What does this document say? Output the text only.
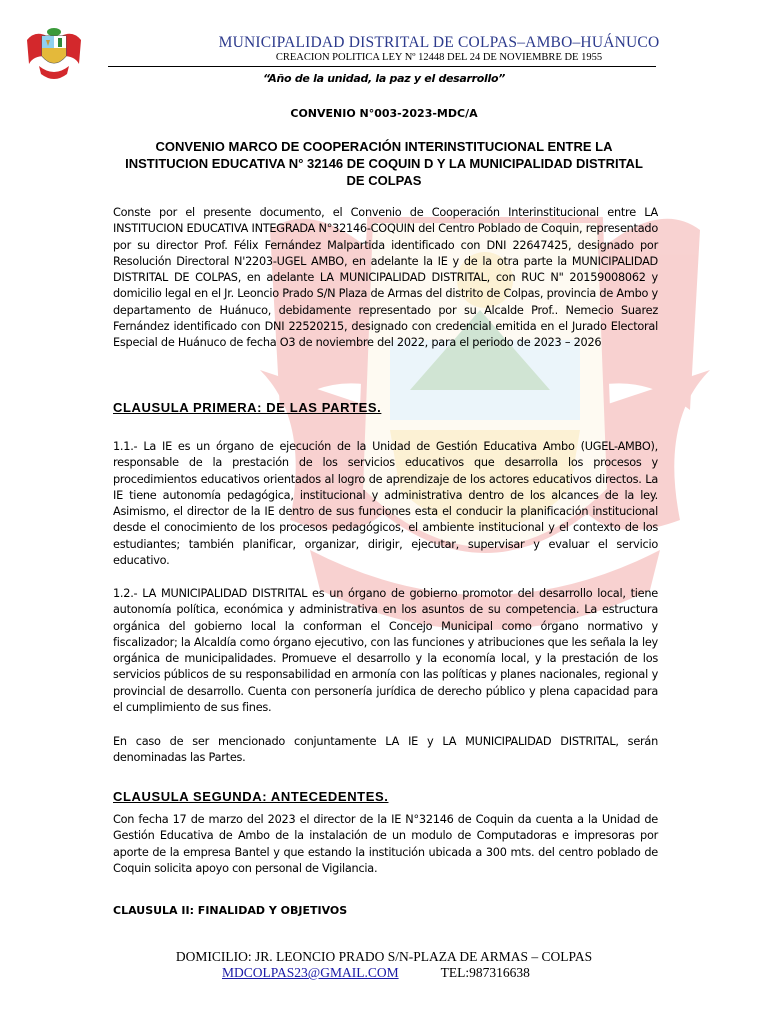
MUNICIPALIDAD DISTRITAL DE COLPAS–AMBO–HUÁNUCO
CREACION POLITICA LEY Nº 12448 DEL 24 DE NOVIEMBRE DE 1955
“Año de la unidad, la paz y el desarrollo”
CONVENIO N°003-2023-MDC/A
CONVENIO MARCO DE COOPERACIÓN INTERINSTITUCIONAL ENTRE LA INSTITUCION EDUCATIVA N° 32146 DE COQUIN D Y LA MUNICIPALIDAD DISTRITAL DE COLPAS
Conste por el presente documento, el Convenio de Cooperación Interinstitucional entre LA INSTITUCION EDUCATIVA INTEGRADA N°32146-COQUIN del Centro Poblado de Coquin, representado por su director Prof. Félix Fernández Malpartida identificado con DNI 22647425, designado por Resolución Directoral N'2203-UGEL AMBO, en adelante la IE y de la otra parte la MUNICIPALIDAD DISTRITAL DE COLPAS, en adelante LA MUNICIPALIDAD DISTRITAL, con RUC N" 20159008062 y domicilio legal en el Jr. Leoncio Prado S/N Plaza de Armas del distrito de Colpas, provincia de Ambo y departamento de Huánuco, debidamente representado por su Alcalde Prof.. Nemecio Suarez Fernández identificado con DNI 22520215, designado con credencial emitida en el Jurado Electoral Especial de Huánuco de fecha O3 de noviembre del 2022, para el periodo de 2023 – 2026
CLAUSULA PRIMERA: DE LAS PARTES.
1.1.- La IE es un órgano de ejecución de la Unidad de Gestión Educativa Ambo (UGEL-AMBO), responsable de la prestación de los servicios educativos que desarrolla los procesos y procedimientos educativos orientados al logro de aprendizaje de los actores educativos directos. La IE tiene autonomía pedagógica, institucional y administrativa dentro de los alcances de la ley. Asimismo, el director de la IE dentro de sus funciones esta el conducir la planificación institucional desde el conocimiento de los procesos pedagógicos, el ambiente institucional y el contexto de los estudiantes; también planificar, organizar, dirigir, ejecutar, supervisar y evaluar el servicio educativo.
1.2.- LA MUNICIPALIDAD DISTRITAL es un órgano de gobierno promotor del desarrollo local, tiene autonomía política, económica y administrativa en los asuntos de su competencia. La estructura orgánica del gobierno local la conforman el Concejo Municipal como órgano normativo y fiscalizador; la Alcaldía como órgano ejecutivo, con las funciones y atribuciones que les señala la ley orgánica de municipalidades. Promueve el desarrollo y la economía local, y la prestación de los servicios públicos de su responsabilidad en armonía con las políticas y planes nacionales, regional y provincial de desarrollo. Cuenta con personería jurídica de derecho público y plena capacidad para el cumplimiento de sus fines.
En caso de ser mencionado conjuntamente LA IE y LA MUNICIPALIDAD DISTRITAL, serán denominadas las Partes.
CLAUSULA SEGUNDA: ANTECEDENTES.
Con fecha 17 de marzo del 2023 el director de la IE N°32146 de Coquin da cuenta a la Unidad de Gestión Educativa de Ambo de la instalación de un modulo de Computadoras e impresoras por aporte de la empresa Bantel y que estando la institución ubicada a 300 mts. del centro poblado de Coquin solicita apoyo con personal de Vigilancia.
CLAUSULA II: FINALIDAD Y OBJETIVOS
DOMICILIO: JR. LEONCIO PRADO S/N-PLAZA DE ARMAS – COLPAS
MDCOLPAS23@GMAIL.COM	TEL:987316638
